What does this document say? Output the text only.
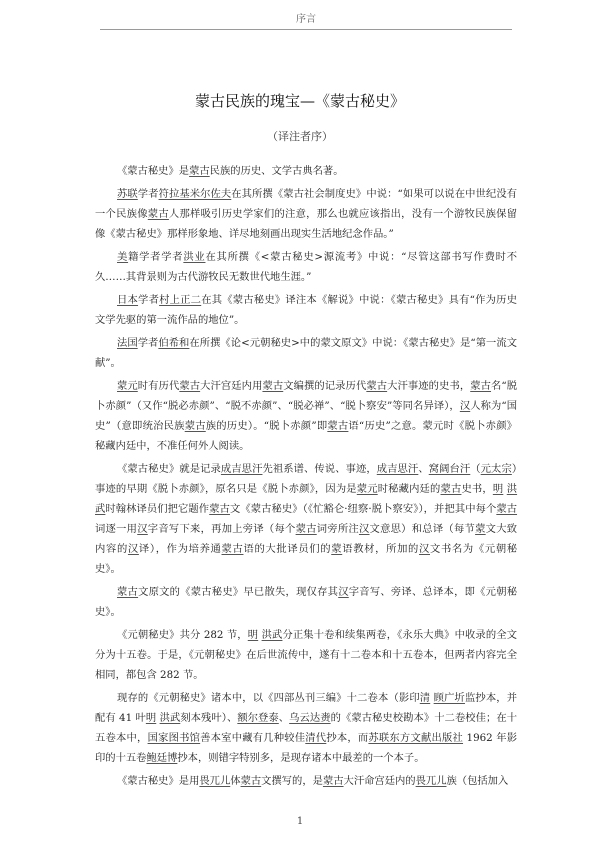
序言
蒙古民族的瑰宝—《蒙古秘史》
（译注者序）

《蒙古秘史》是蒙古民族的历史、文学古典名著。

苏联学者符拉基米尔佐夫在其所撰《蒙古社会制度史》中说：“如果可以说在中世纪没有一个民族像蒙古人那样吸引历史学家们的注意，那么也就应该指出，没有一个游牧民族保留像《蒙古秘史》那样形象地、详尽地刻画出现实生活地纪念作品。”

美籍学者学者洪业在其所撰《<蒙古秘史>源流考》中说：“尽管这部书写作费时不久……其背景则为古代游牧民无数世代地生涯。”

日本学者村上正二在其《蒙古秘史》译注本《解说》中说：《蒙古秘史》具有“作为历史文学先驱的第一流作品的地位”。

法国学者伯希和在所撰《论<元朝秘史>中的蒙文原文》中说：《蒙古秘史》是“第一流文献”。

蒙元时有历代蒙古大汗宫廷内用蒙古文编撰的记录历代蒙古大汗事迹的史书，蒙古名“脱卜赤颜”（又作“脱必赤颜”、“脱不赤颜”、“脱必禅”、“脱卜察安”等同名异译），汉人称为“国史”（意即统治民族蒙古族的历史）。“脱卜赤颜”即蒙古语“历史”之意。蒙元时《脱卜赤颜》秘藏内廷中，不准任何外人阅读。

《蒙古秘史》就是记录成吉思汗先祖系谱、传说、事迹，成吉思汗、窝阔台汗（元太宗）事迹的早期《脱卜赤颜》，原名只是《脱卜赤颜》，因为是蒙元时秘藏内廷的蒙古史书，明 洪武时翰林译员们把它题作蒙古文《蒙古秘史》（《忙豁仑·纽察·脱卜察安》），并把其中每个蒙古词逐一用汉字音写下来，再加上旁译（每个蒙古词旁所注汉文意思）和总译（每节蒙文大致内容的汉译），作为培养通蒙古语的大批译员们的蒙语教材，所加的汉文书名为《元朝秘史》。

蒙古文原文的《蒙古秘史》早已散失，现仅存其汉字音写、旁译、总译本，即《元朝秘史》。

《元朝秘史》共分 282 节，明 洪武分正集十卷和续集两卷，《永乐大典》中收录的全文分为十五卷。于是，《元朝秘史》在后世流传中，遂有十二卷本和十五卷本，但两者内容完全相同，都包含 282 节。

现存的《元朝秘史》诸本中，以《四部丛刊三编》十二卷本（影印清 顾广圻监抄本，并配有 41 叶明 洪武刻本残叶）、额尔登泰、乌云达赉的《蒙古秘史校勘本》十二卷校佳；在十五卷本中，国家图书馆善本室中藏有几种较佳清代抄本，而苏联东方文献出版社 1962 年影印的十五卷鲍廷博抄本，则错字特别多，是现存诸本中最差的一个本子。

《蒙古秘史》是用畏兀儿体蒙古文撰写的，是蒙古大汗命宫廷内的畏兀儿族（包括加入

1
